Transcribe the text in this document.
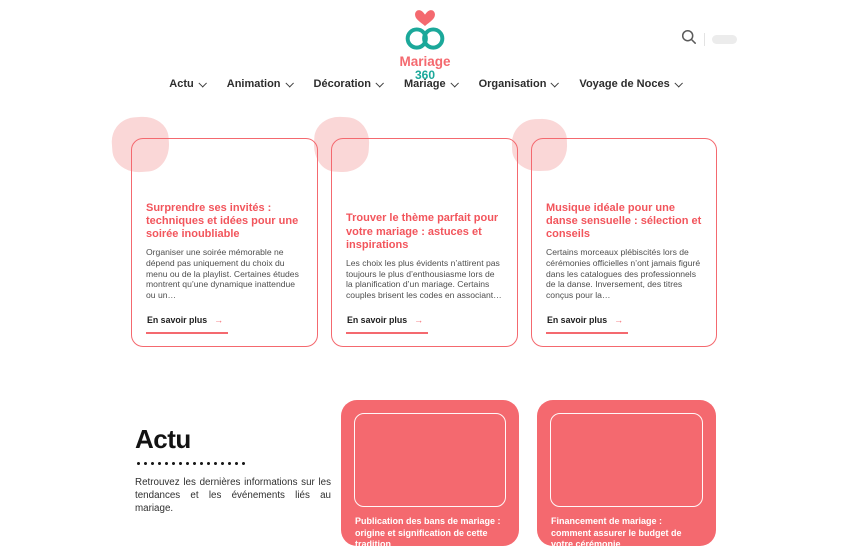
Mariage
360
Actu	Animation	Décoration	Mariage	Organisation	Voyage de Noces
Surprendre ses invités : techniques et idées pour une soirée inoubliable
Organiser une soirée mémorable ne dépend pas uniquement du choix du menu ou de la playlist. Certaines études montrent qu’une dynamique inattendue ou un…
En savoir plus →
Trouver le thème parfait pour votre mariage : astuces et inspirations
Les choix les plus évidents n’attirent pas toujours le plus d’enthousiasme lors de la planification d’un mariage. Certains couples brisent les codes en associant…
En savoir plus →
Musique idéale pour une danse sensuelle : sélection et conseils
Certains morceaux plébiscités lors de cérémonies officielles n’ont jamais figuré dans les catalogues des professionnels de la danse. Inversement, des titres conçus pour la…
En savoir plus →
Actu
Retrouvez les dernières informations sur les tendances et les événements liés au mariage.
Publication des bans de mariage : origine et signification de cette tradition
Financement de mariage : comment assurer le budget de votre cérémonie
